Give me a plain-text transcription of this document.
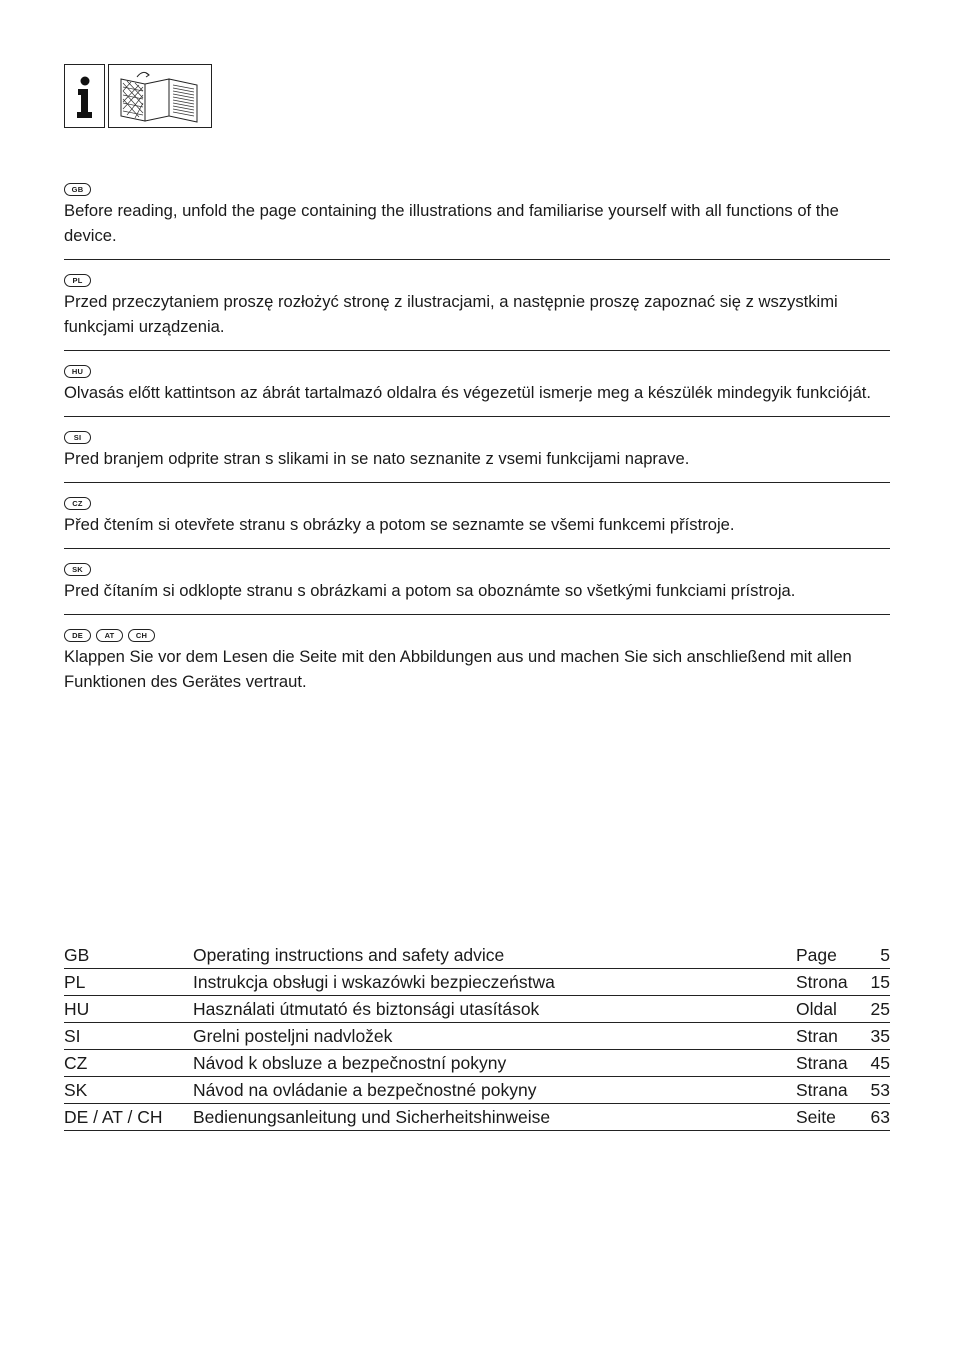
GB

Before reading, unfold the page containing the illustrations and familiarise yourself with all functions of the device.

PL

Przed przeczytaniem proszę rozłożyć stronę z ilustracjami, a następnie proszę zapoznać się z wszystkimi funkcjami urządzenia.

HU

Olvasás előtt kattintson az ábrát tartalmazó oldalra és végezetül ismerje meg a készülék mindegyik funkcióját.

SI

Pred branjem odprite stran s slikami in se nato seznanite z vsemi funkcijami naprave.

CZ

Před čtením si otevřete stranu s obrázky a potom se seznamte se všemi funkcemi přístroje.

SK

Pred čítaním si odklopte stranu s obrázkami a potom sa oboznámte so všetkými funkciami prístroja.

DE	AT	CH

Klappen Sie vor dem Lesen die Seite mit den Abbildungen aus und machen Sie sich anschließend mit allen Funktionen des Gerätes vertraut.

GB	Operating instructions and safety advice	Page	5
PL	Instrukcja obsługi i wskazówki bezpieczeństwa	Strona	15
HU	Használati útmutató és biztonsági utasítások	Oldal	25
SI	Grelni posteljni nadvložek	Stran	35
CZ	Návod k obsluze a bezpečnostní pokyny	Strana	45
SK	Návod na ovládanie a bezpečnostné pokyny	Strana	53
DE / AT / CH	Bedienungsanleitung und Sicherheitshinweise	Seite	63
